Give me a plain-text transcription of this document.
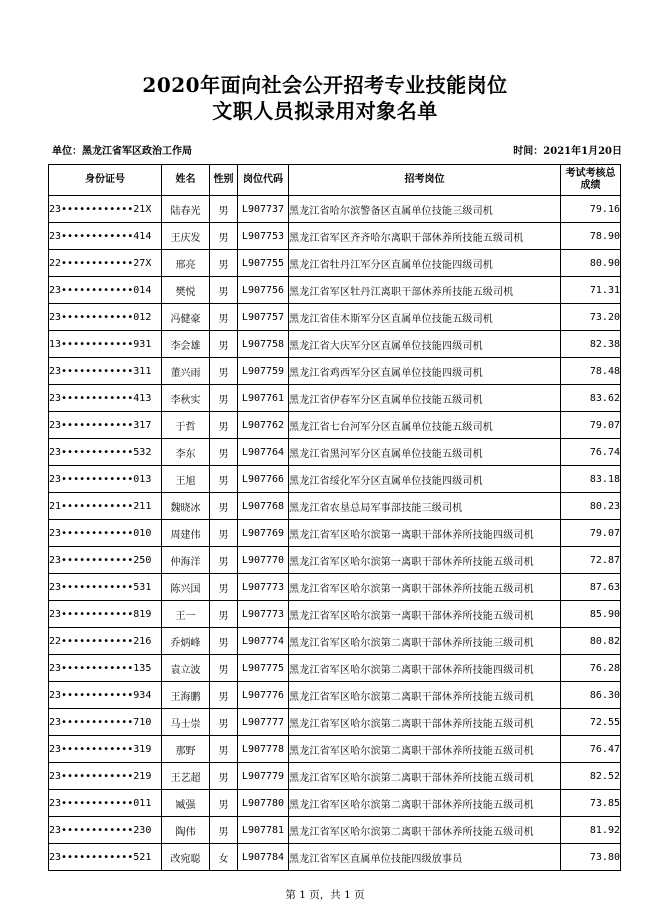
2020年面向社会公开招考专业技能岗位
文职人员拟录用对象名单
单位：黑龙江省军区政治工作局	时间：2021年1月20日
身份证号	姓名	性别	岗位代码	招考岗位	考试考核总成绩
23••••••••••••21X	陆春光	男	L907737	黑龙江省哈尔滨警备区直属单位技能三级司机	79.16
23••••••••••••414	王庆发	男	L907753	黑龙江省军区齐齐哈尔离职干部休养所技能五级司机	78.90
22••••••••••••27X	邢亮	男	L907755	黑龙江省牡丹江军分区直属单位技能四级司机	80.90
23••••••••••••014	樊悦	男	L907756	黑龙江省军区牡丹江离职干部休养所技能五级司机	71.31
23••••••••••••012	冯健豪	男	L907757	黑龙江省佳木斯军分区直属单位技能五级司机	73.20
13••••••••••••931	李会雄	男	L907758	黑龙江省大庆军分区直属单位技能四级司机	82.38
23••••••••••••311	董兴雨	男	L907759	黑龙江省鸡西军分区直属单位技能四级司机	78.48
23••••••••••••413	李秋实	男	L907761	黑龙江省伊春军分区直属单位技能五级司机	83.62
23••••••••••••317	于哲	男	L907762	黑龙江省七台河军分区直属单位技能五级司机	79.07
23••••••••••••532	李东	男	L907764	黑龙江省黑河军分区直属单位技能五级司机	76.74
23••••••••••••013	王旭	男	L907766	黑龙江省绥化军分区直属单位技能四级司机	83.18
21••••••••••••211	魏晓冰	男	L907768	黑龙江省农垦总局军事部技能三级司机	80.23
23••••••••••••010	周建伟	男	L907769	黑龙江省军区哈尔滨第一离职干部休养所技能四级司机	79.07
23••••••••••••250	仲海洋	男	L907770	黑龙江省军区哈尔滨第一离职干部休养所技能五级司机	72.87
23••••••••••••531	陈兴国	男	L907773	黑龙江省军区哈尔滨第一离职干部休养所技能五级司机	87.63
23••••••••••••819	王一	男	L907773	黑龙江省军区哈尔滨第一离职干部休养所技能五级司机	85.90
22••••••••••••216	乔炳峰	男	L907774	黑龙江省军区哈尔滨第二离职干部休养所技能三级司机	80.82
23••••••••••••135	袁立波	男	L907775	黑龙江省军区哈尔滨第二离职干部休养所技能四级司机	76.28
23••••••••••••934	王海鹏	男	L907776	黑龙江省军区哈尔滨第二离职干部休养所技能五级司机	86.30
23••••••••••••710	马士崇	男	L907777	黑龙江省军区哈尔滨第二离职干部休养所技能五级司机	72.55
23••••••••••••319	那野	男	L907778	黑龙江省军区哈尔滨第二离职干部休养所技能五级司机	76.47
23••••••••••••219	王艺超	男	L907779	黑龙江省军区哈尔滨第二离职干部休养所技能五级司机	82.52
23••••••••••••011	臧强	男	L907780	黑龙江省军区哈尔滨第二离职干部休养所技能五级司机	73.85
23••••••••••••230	陶伟	男	L907781	黑龙江省军区哈尔滨第二离职干部休养所技能五级司机	81.92
23••••••••••••521	改宛聪	女	L907784	黑龙江省军区直属单位技能四级放事员	73.80
第 1 页，共 1 页
